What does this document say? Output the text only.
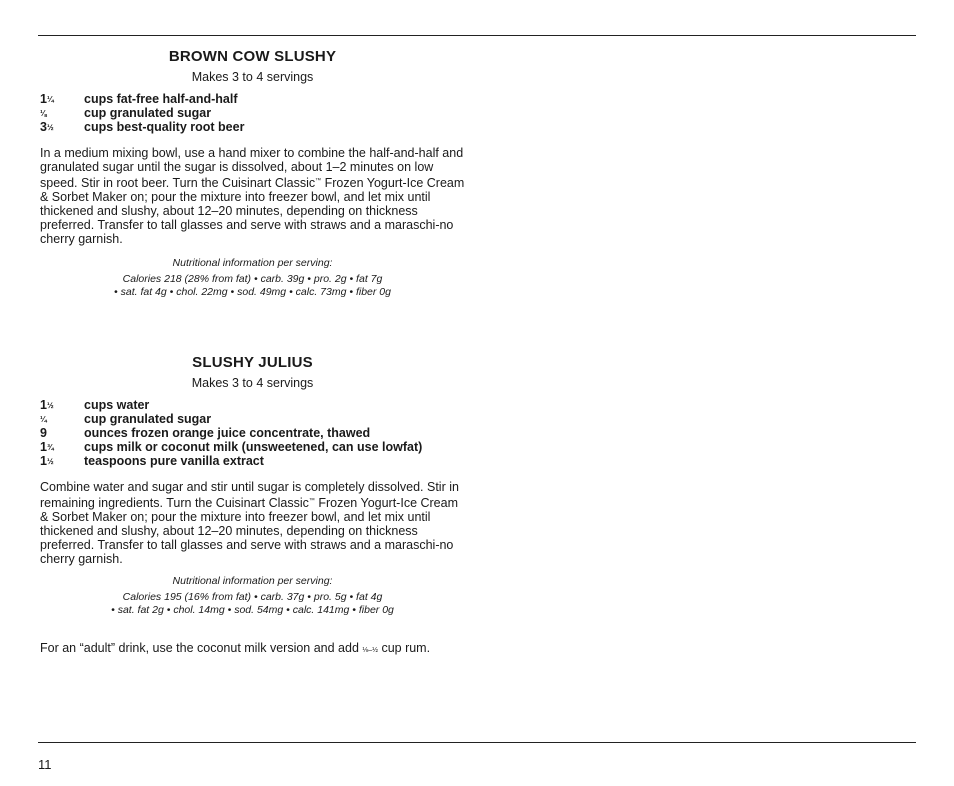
BROWN COW SLUSHY
Makes 3 to 4 servings
1¼	cups fat-free half-and-half
⅛	cup granulated sugar
3½	cups best-quality root beer

In a medium mixing bowl, use a hand mixer to combine the half-and-half and granulated sugar until the sugar is dissolved, about 1–2 minutes on low speed. Stir in root beer. Turn the Cuisinart Classic™ Frozen Yogurt-Ice Cream & Sorbet Maker on; pour the mixture into freezer bowl, and let mix until thickened and slushy, about 12–20 minutes, depending on thickness preferred. Transfer to tall glasses and serve with straws and a maraschi-no cherry garnish.

Nutritional information per serving:
Calories 218 (28% from fat) • carb. 39g • pro. 2g • fat 7g
• sat. fat 4g • chol. 22mg • sod. 49mg • calc. 73mg • fiber 0g
SLUSHY JULIUS
Makes 3 to 4 servings
1½	cups water
¼	cup granulated sugar
9	ounces frozen orange juice concentrate, thawed
1¾	cups milk or coconut milk (unsweetened, can use lowfat)
1½	teaspoons pure vanilla extract

Combine water and sugar and stir until sugar is completely dissolved. Stir in remaining ingredients. Turn the Cuisinart Classic™ Frozen Yogurt-Ice Cream & Sorbet Maker on; pour the mixture into freezer bowl, and let mix until thickened and slushy, about 12–20 minutes, depending on thickness preferred. Transfer to tall glasses and serve with straws and a maraschi-no cherry garnish.

Nutritional information per serving:
Calories 195 (16% from fat) • carb. 37g • pro. 5g • fat 4g
• sat. fat 2g • chol. 14mg • sod. 54mg • calc. 141mg • fiber 0g
For an “adult” drink, use the coconut milk version and add ⅛–½ cup rum.
11
